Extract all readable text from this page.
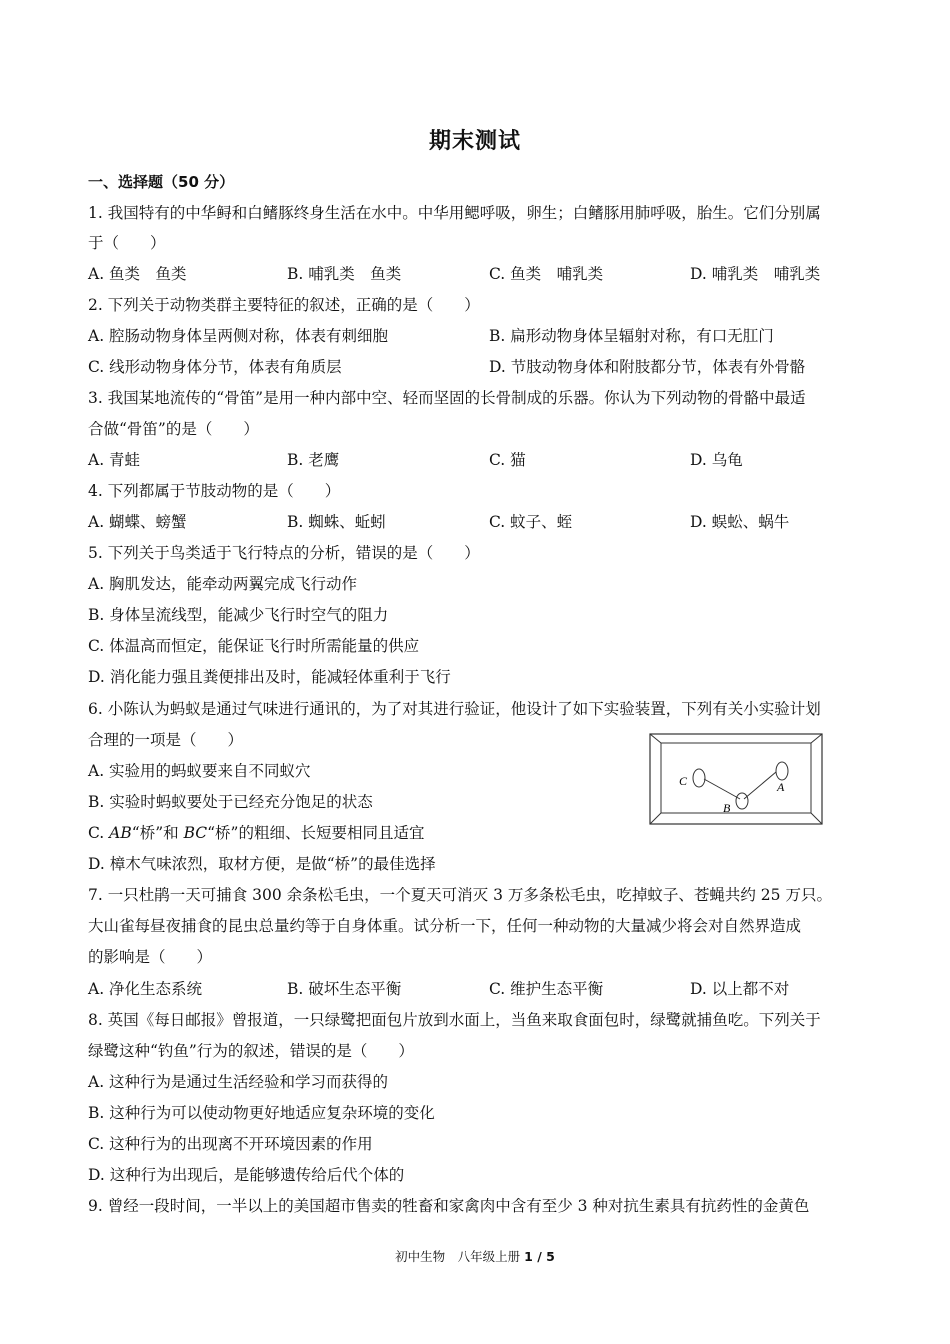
期末测试
一、选择题（50 分）
1. 我国特有的中华鲟和白鳍豚终身生活在水中。中华用鳃呼吸，卵生；白鳍豚用肺呼吸，胎生。它们分别属
于（　　）
A. 鱼类　鱼类	B. 哺乳类　鱼类	C. 鱼类　哺乳类	D. 哺乳类　哺乳类
2. 下列关于动物类群主要特征的叙述，正确的是（　　）
A. 腔肠动物身体呈两侧对称，体表有刺细胞	B. 扁形动物身体呈辐射对称，有口无肛门
C. 线形动物身体分节，体表有角质层	D. 节肢动物身体和附肢都分节，体表有外骨骼
3. 我国某地流传的“骨笛”是用一种内部中空、轻而坚固的长骨制成的乐器。你认为下列动物的骨骼中最适
合做“骨笛”的是（　　）
A. 青蛙	B. 老鹰	C. 猫	D. 乌龟
4. 下列都属于节肢动物的是（　　）
A. 蝴蝶、螃蟹	B. 蜘蛛、蚯蚓	C. 蚊子、蛭	D. 蜈蚣、蜗牛
5. 下列关于鸟类适于飞行特点的分析，错误的是（　　）
A. 胸肌发达，能牵动两翼完成飞行动作
B. 身体呈流线型，能减少飞行时空气的阻力
C. 体温高而恒定，能保证飞行时所需能量的供应
D. 消化能力强且粪便排出及时，能减轻体重利于飞行
6. 小陈认为蚂蚁是通过气味进行通讯的，为了对其进行验证，他设计了如下实验装置，下列有关小实验计划
合理的一项是（　　）
A. 实验用的蚂蚁要来自不同蚁穴
B. 实验时蚂蚁要处于已经充分饱足的状态
C. AB“桥”和 BC“桥”的粗细、长短要相同且适宜
D. 樟木气味浓烈，取材方便，是做“桥”的最佳选择
C
B
A
7. 一只杜鹃一天可捕食 300 余条松毛虫，一个夏天可消灭 3 万多条松毛虫，吃掉蚊子、苍蝇共约 25 万只。
大山雀每昼夜捕食的昆虫总量约等于自身体重。试分析一下，任何一种动物的大量减少将会对自然界造成
的影响是（　　）
A. 净化生态系统	B. 破坏生态平衡	C. 维护生态平衡	D. 以上都不对
8. 英国《每日邮报》曾报道，一只绿鹭把面包片放到水面上，当鱼来取食面包时，绿鹭就捕鱼吃。下列关于
绿鹭这种“钓鱼”行为的叙述，错误的是（　　）
A. 这种行为是通过生活经验和学习而获得的
B. 这种行为可以使动物更好地适应复杂环境的变化
C. 这种行为的出现离不开环境因素的作用
D. 这种行为出现后，是能够遗传给后代个体的
9. 曾经一段时间，一半以上的美国超市售卖的牲畜和家禽肉中含有至少 3 种对抗生素具有抗药性的金黄色
初中生物　八年级上册 1 / 5
